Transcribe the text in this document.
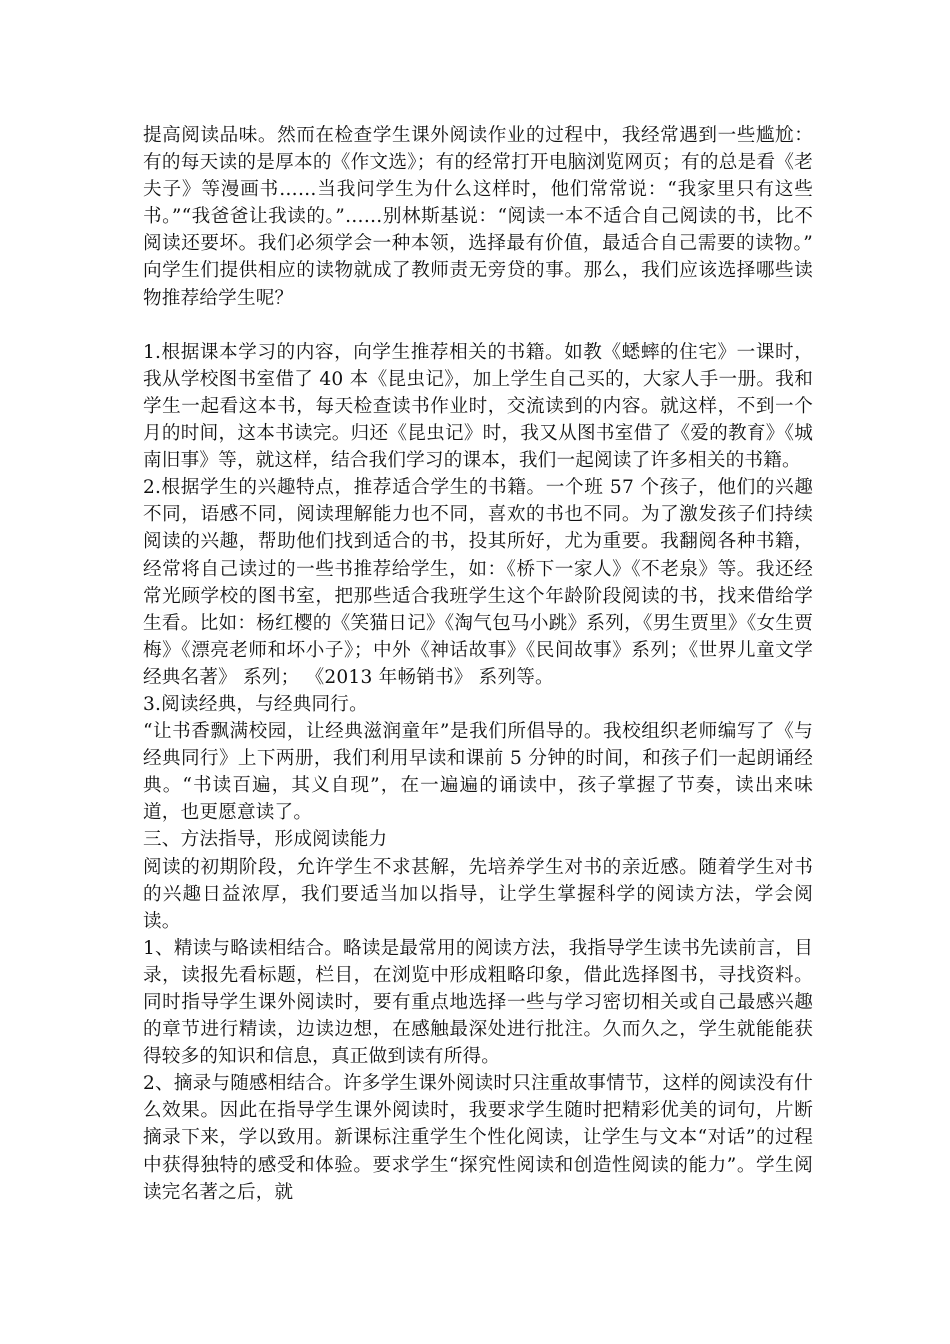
提高阅读品味。然而在检查学生课外阅读作业的过程中，我经常遇到一些尴尬：有的每天读的是厚本的《作文选》；有的经常打开电脑浏览网页；有的总是看《老夫子》等漫画书……当我问学生为什么这样时，他们常常说：“我家里只有这些书。”“我爸爸让我读的。”……别林斯基说：“阅读一本不适合自己阅读的书，比不阅读还要坏。我们必须学会一种本领，选择最有价值，最适合自己需要的读物。” 向学生们提供相应的读物就成了教师责无旁贷的事。那么，我们应该选择哪些读物推荐给学生呢？

1.根据课本学习的内容，向学生推荐相关的书籍。如教《蟋蟀的住宅》一课时，我从学校图书室借了 40 本《昆虫记》，加上学生自己买的，大家人手一册。我和学生一起看这本书，每天检查读书作业时，交流读到的内容。就这样，不到一个月的时间，这本书读完。归还《昆虫记》时，我又从图书室借了《爱的教育》《城南旧事》等，就这样，结合我们学习的课本，我们一起阅读了许多相关的书籍。

2.根据学生的兴趣特点，推荐适合学生的书籍。一个班 57 个孩子，他们的兴趣不同，语感不同，阅读理解能力也不同，喜欢的书也不同。为了激发孩子们持续阅读的兴趣，帮助他们找到适合的书，投其所好，尤为重要。我翻阅各种书籍，经常将自己读过的一些书推荐给学生，如：《桥下一家人》《不老泉》等。我还经常光顾学校的图书室，把那些适合我班学生这个年龄阶段阅读的书，找来借给学生看。比如：杨红樱的《笑猫日记》《淘气包马小跳》系列，《男生贾里》《女生贾梅》《漂亮老师和坏小子》；中外《神话故事》《民间故事》系列；《世界儿童文学经典名著》 系列； 《2013 年畅销书》 系列等。

3.阅读经典，与经典同行。

“让书香飘满校园，让经典滋润童年”是我们所倡导的。我校组织老师编写了《与经典同行》上下两册，我们利用早读和课前 5 分钟的时间，和孩子们一起朗诵经典。“书读百遍，其义自现”，在一遍遍的诵读中，孩子掌握了节奏，读出来味道，也更愿意读了。

三、方法指导，形成阅读能力

阅读的初期阶段，允许学生不求甚解，先培养学生对书的亲近感。随着学生对书的兴趣日益浓厚，我们要适当加以指导，让学生掌握科学的阅读方法，学会阅读。

1、精读与略读相结合。略读是最常用的阅读方法，我指导学生读书先读前言，目录，读报先看标题，栏目，在浏览中形成粗略印象，借此选择图书，寻找资料。同时指导学生课外阅读时，要有重点地选择一些与学习密切相关或自己最感兴趣的章节进行精读，边读边想，在感触最深处进行批注。久而久之，学生就能能获得较多的知识和信息，真正做到读有所得。

2、摘录与随感相结合。许多学生课外阅读时只注重故事情节，这样的阅读没有什么效果。因此在指导学生课外阅读时，我要求学生随时把精彩优美的词句，片断摘录下来，学以致用。新课标注重学生个性化阅读，让学生与文本“对话”的过程中获得独特的感受和体验。要求学生“探究性阅读和创造性阅读的能力”。学生阅读完名著之后，就
